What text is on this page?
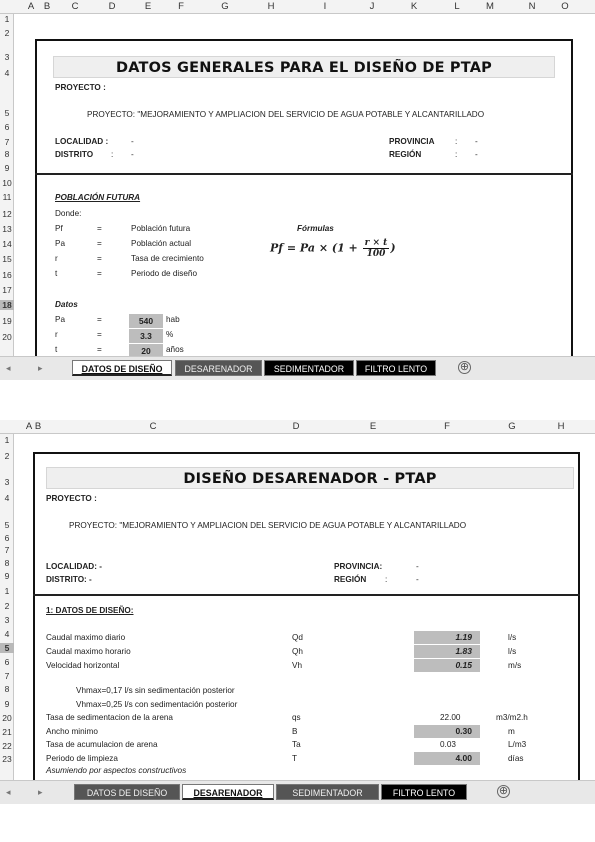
A B C	D	E	F	G	H	I	J	K	L	M	N	O
1
2
3
4
5
6
7
8
9
10
11
12
13
14
15
16
17
18
19
20
DATOS GENERALES PARA EL DISEÑO DE PTAP
PROYECTO :
PROYECTO: "MEJORAMIENTO Y AMPLIACION DEL SERVICIO DE AGUA POTABLE Y ALCANTARILLADO
LOCALIDAD :	-
DISTRITO : -
PROVINCIA	: -
REGIÓN	: -
POBLACIÓN FUTURA
Donde:
Pf	=	Población futura
Pa	=	Población actual
r	=	Tasa de crecimiento
t	=	Periodo de diseño
Fórmulas
$Pf = Pa \times (1 + \frac{r \times t}{100}$ )
Datos
Pa	=	540	hab
r	=	3.3	%
t	=	20	años
◂	▸	DATOS DE DISEÑO	DESARENADOR	SEDIMENTADOR	FILTRO LENTO	⊕
A B	C	D	E	F	G	H
1
2
3
4
5
6
7
8
9
1
2
3
4
5
6
7
8
9
20
21
22
23
DISEÑO DESARENADOR - PTAP
PROYECTO :
PROYECTO: "MEJORAMIENTO Y AMPLIACION DEL SERVICIO DE AGUA POTABLE Y ALCANTARILLADO
LOCALIDAD: -
DISTRITO: -
PROVINCIA:	-
REGIÓN :	-
1: DATOS DE DISEÑO:
Caudal maximo diario	Qd	1.19	l/s
Caudal maximo horario	Qh	1.83	l/s
Velocidad horizontal	Vh	0.15	m/s
Vhmax=0,17 l/s sin sedimentación posterior
Vhmax=0,25 l/s con sedimentación posterior
Tasa de sedimentacion de la arena	qs	22.00	m3/m2.h
Ancho minimo	B	0.30	m
Tasa de acumulacion de arena	Ta	0.03	L/m3
Periodo de limpieza	T	4.00	días
Asumiendo por aspectos constructivos
◂	▸	DATOS DE DISEÑO	DESARENADOR	SEDIMENTADOR	FILTRO LENTO	⊕
